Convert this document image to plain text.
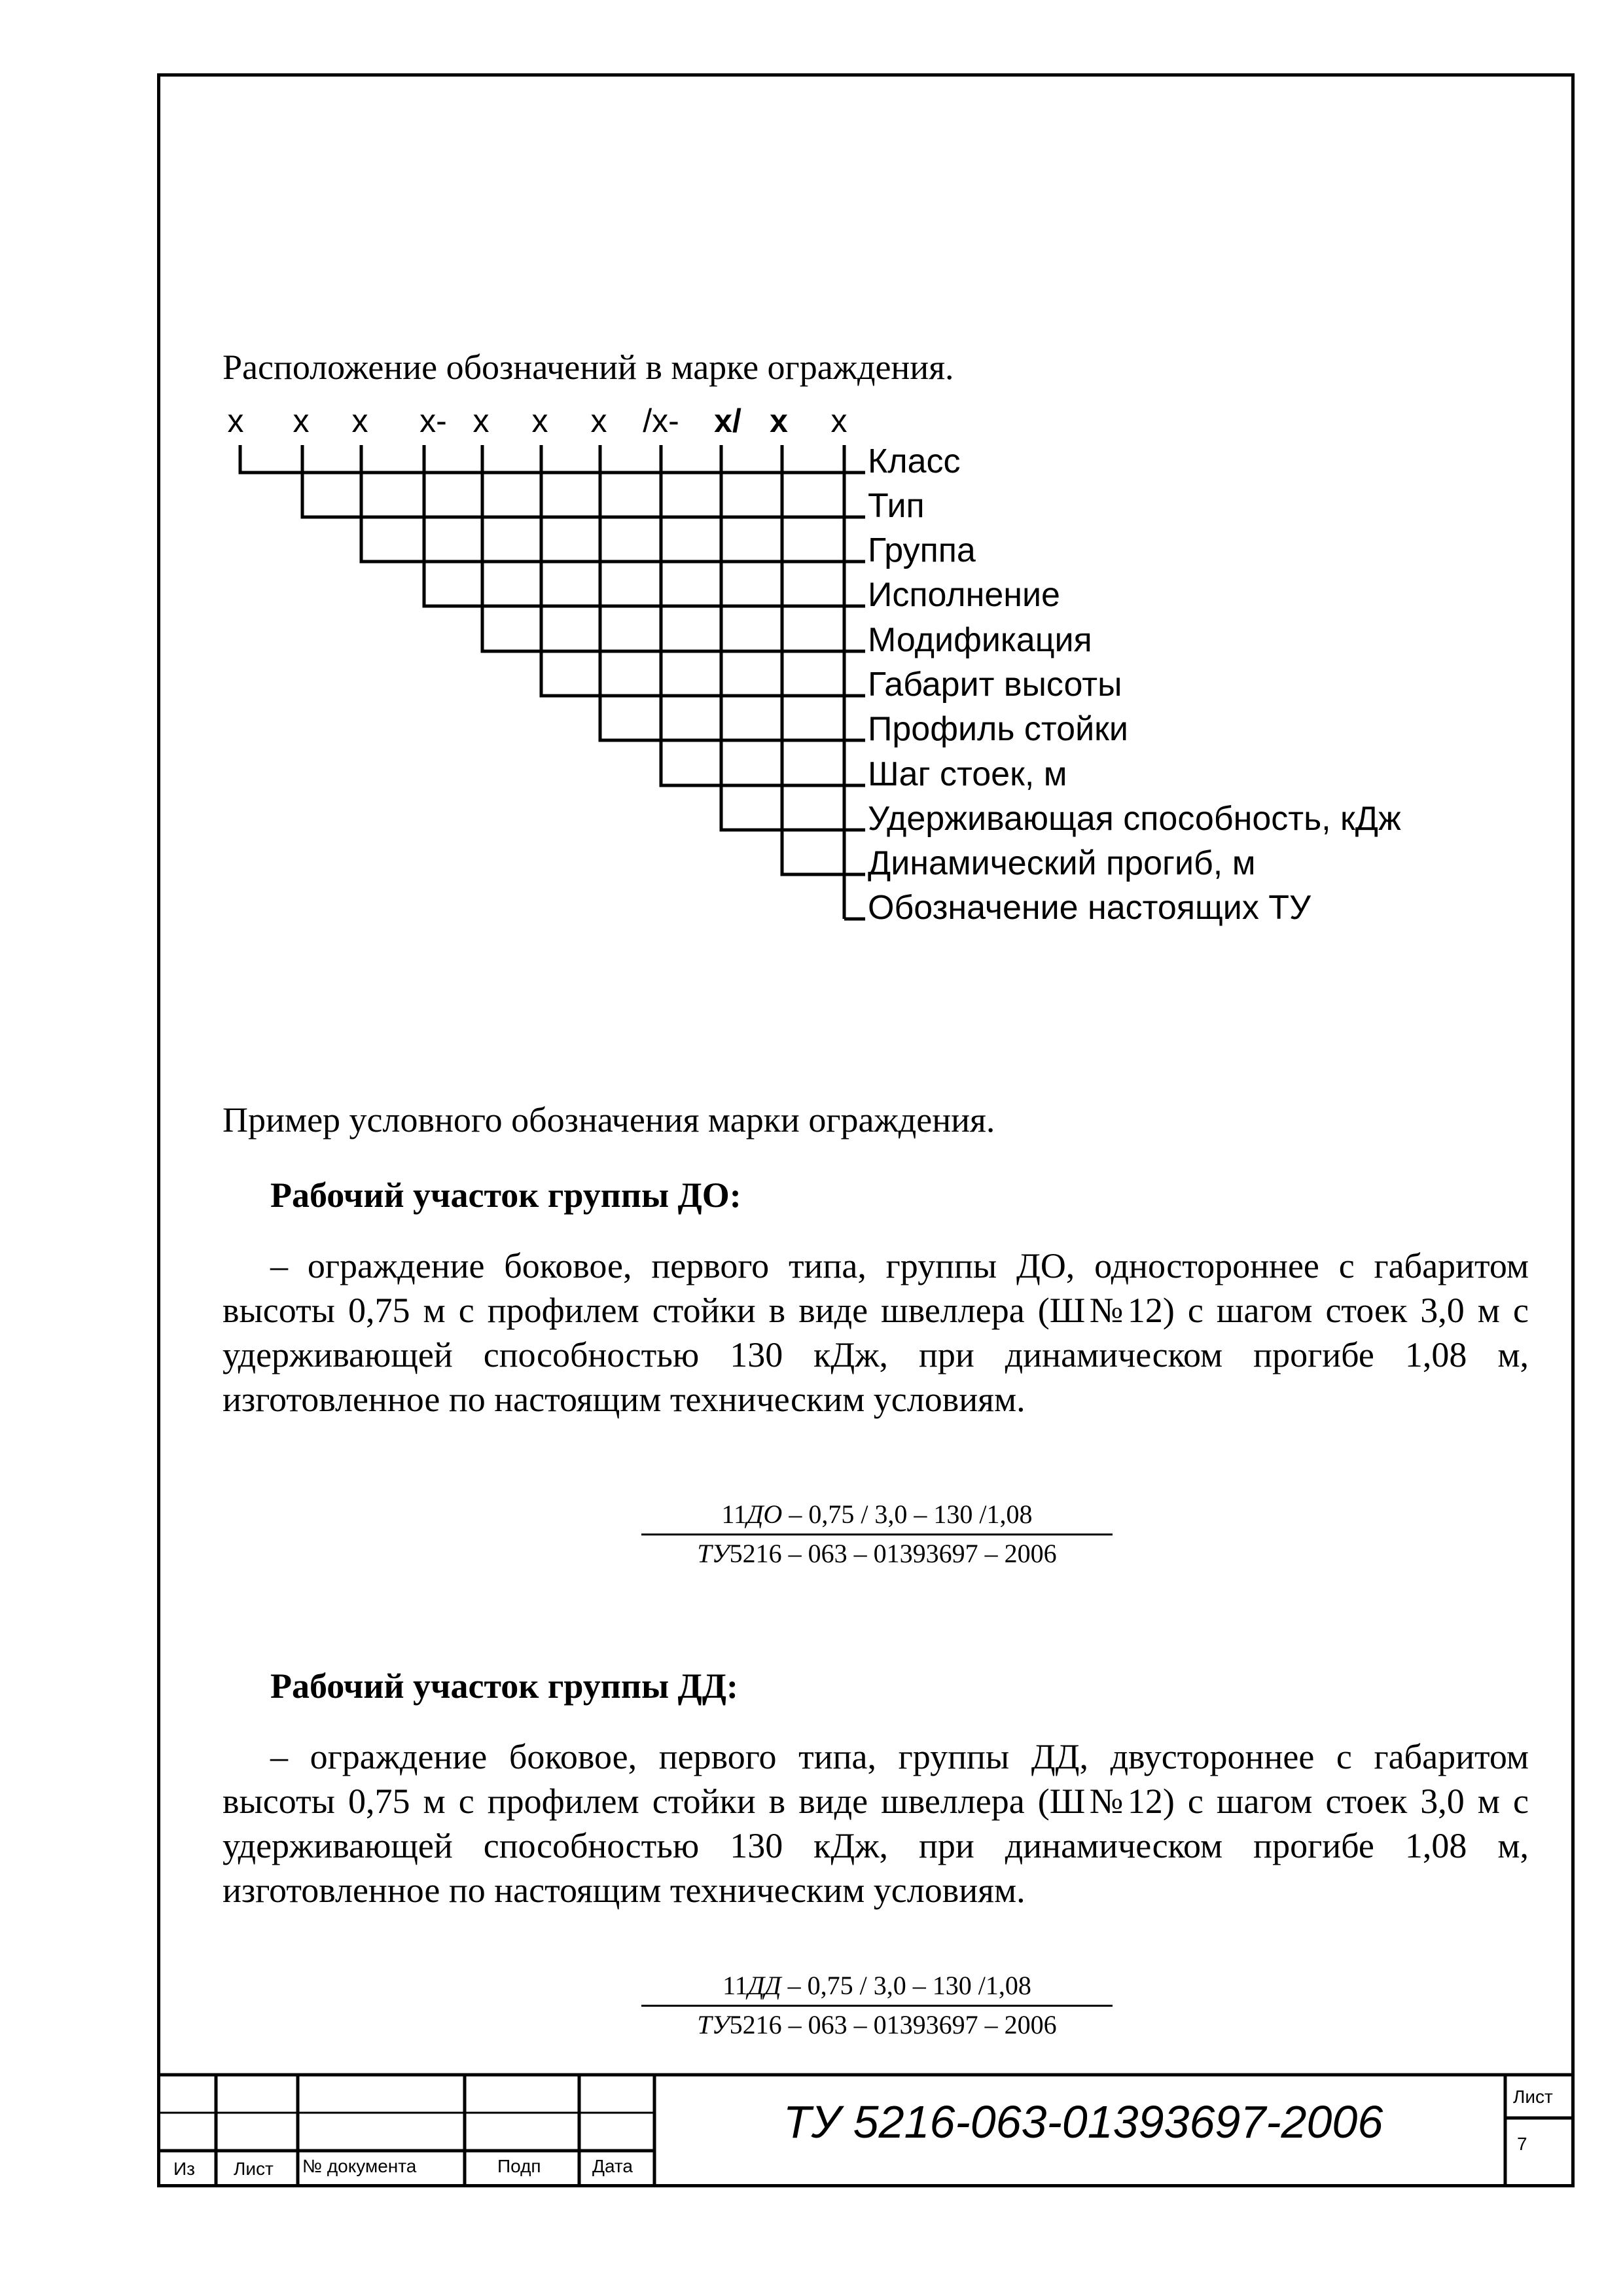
Расположение обозначений в марке ограждения.
x x x x- x x x /x- x/ x x
Класс
Тип
Группа
Исполнение
Модификация
Габарит высоты
Профиль стойки
Шаг стоек, м
Удерживающая способность, кДж
Динамический прогиб, м
Обозначение настоящих ТУ
Пример условного обозначения марки ограждения.
Рабочий участок группы ДО:
– ограждение боковое, первого типа, группы ДО, одностороннее с габаритом высоты 0,75 м с профилем стойки в виде швеллера (Ш№12) с шагом стоек 3,0 м с удерживающей способностью 130 кДж, при динамическом прогибе 1,08 м, изготовленное по настоящим техническим условиям.
11ДО – 0,75 / 3,0 – 130 /1,08
ТУ5216 – 063 – 01393697 – 2006
Рабочий участок группы ДД:
– ограждение боковое, первого типа, группы ДД, двустороннее с габаритом высоты 0,75 м с профилем стойки в виде швеллера (Ш№12) с шагом стоек 3,0 м с удерживающей способностью 130 кДж, при динамическом прогибе 1,08 м, изготовленное по настоящим техническим условиям.
11ДД – 0,75 / 3,0 – 130 /1,08
ТУ5216 – 063 – 01393697 – 2006
Из Лист № документа	Подп	Дата
ТУ 5216-063-01393697-2006	Лист
7
